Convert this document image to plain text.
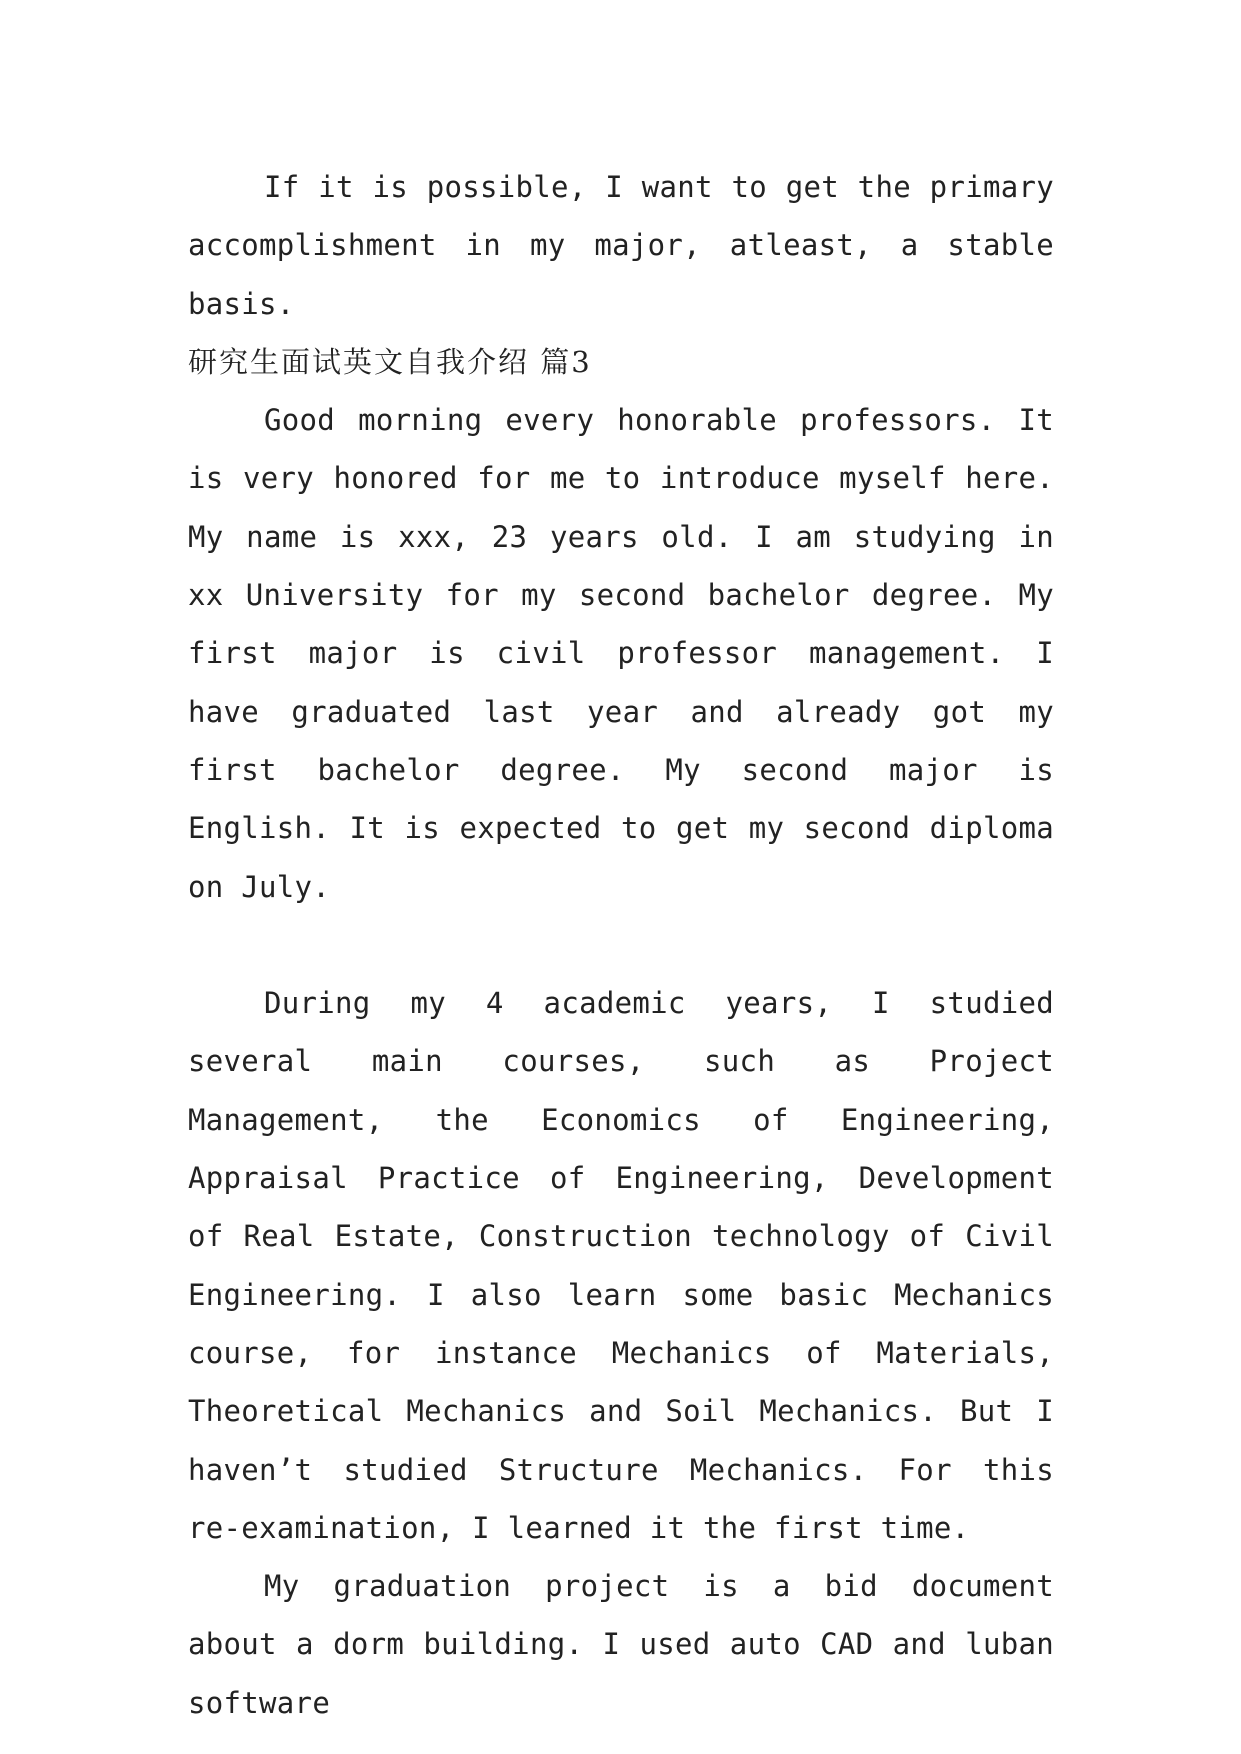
If it is possible, I want to get the primary accomplishment in my major, atleast, a stable basis.

研究生面试英文自我介绍 篇3

Good morning every honorable professors. It is very honored for me to introduce myself here. My name is xxx, 23 years old. I am studying in xx University for my second bachelor degree. My first major is civil professor management. I have graduated last year and already got my first bachelor degree. My second major is English. It is expected to get my second diploma on July.

During my 4 academic years, I studied several main courses, such as Project Management, the Economics of Engineering, Appraisal Practice of Engineering, Development of Real Estate, Construction technology of Civil Engineering. I also learn some basic Mechanics course, for instance Mechanics of Materials, Theoretical Mechanics and Soil Mechanics. But I haven’t studied Structure Mechanics. For this re-examination, I learned it the first time.

My graduation project is a bid document about a dorm building. I used auto CAD and luban software
